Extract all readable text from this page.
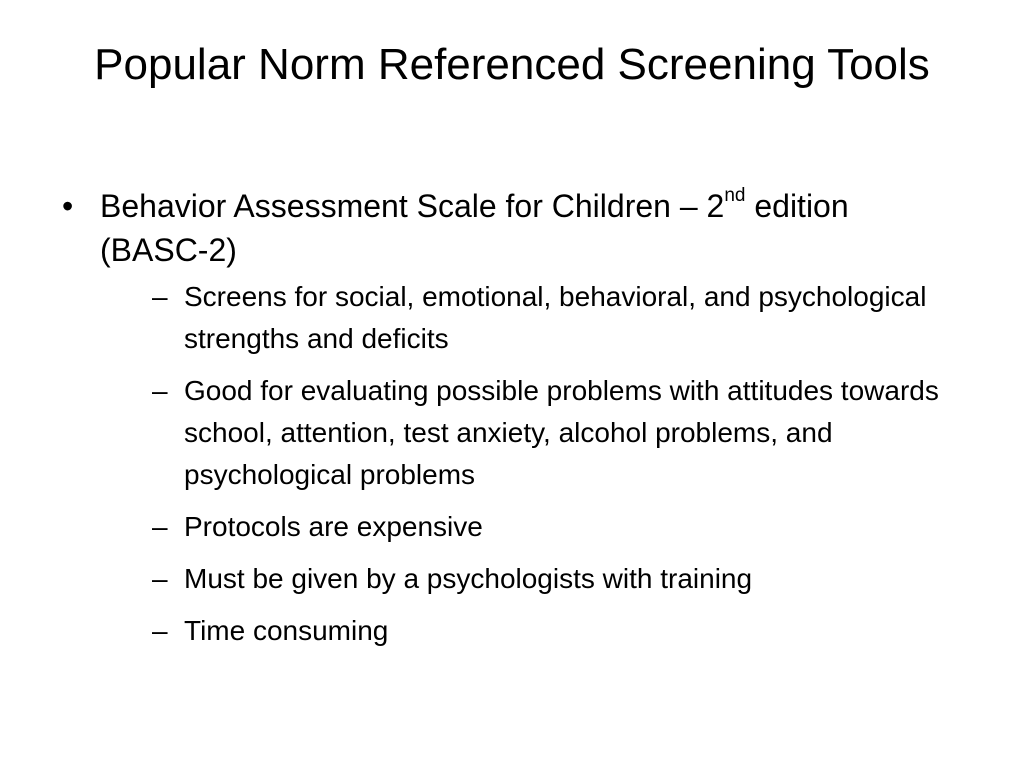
Popular Norm Referenced Screening Tools
• Behavior Assessment Scale for Children – 2nd edition (BASC-2)
– Screens for social, emotional, behavioral, and psychological strengths and deficits
– Good for evaluating possible problems with attitudes towards school, attention, test anxiety, alcohol problems, and psychological problems
– Protocols are expensive
– Must be given by a psychologists with training
– Time consuming
